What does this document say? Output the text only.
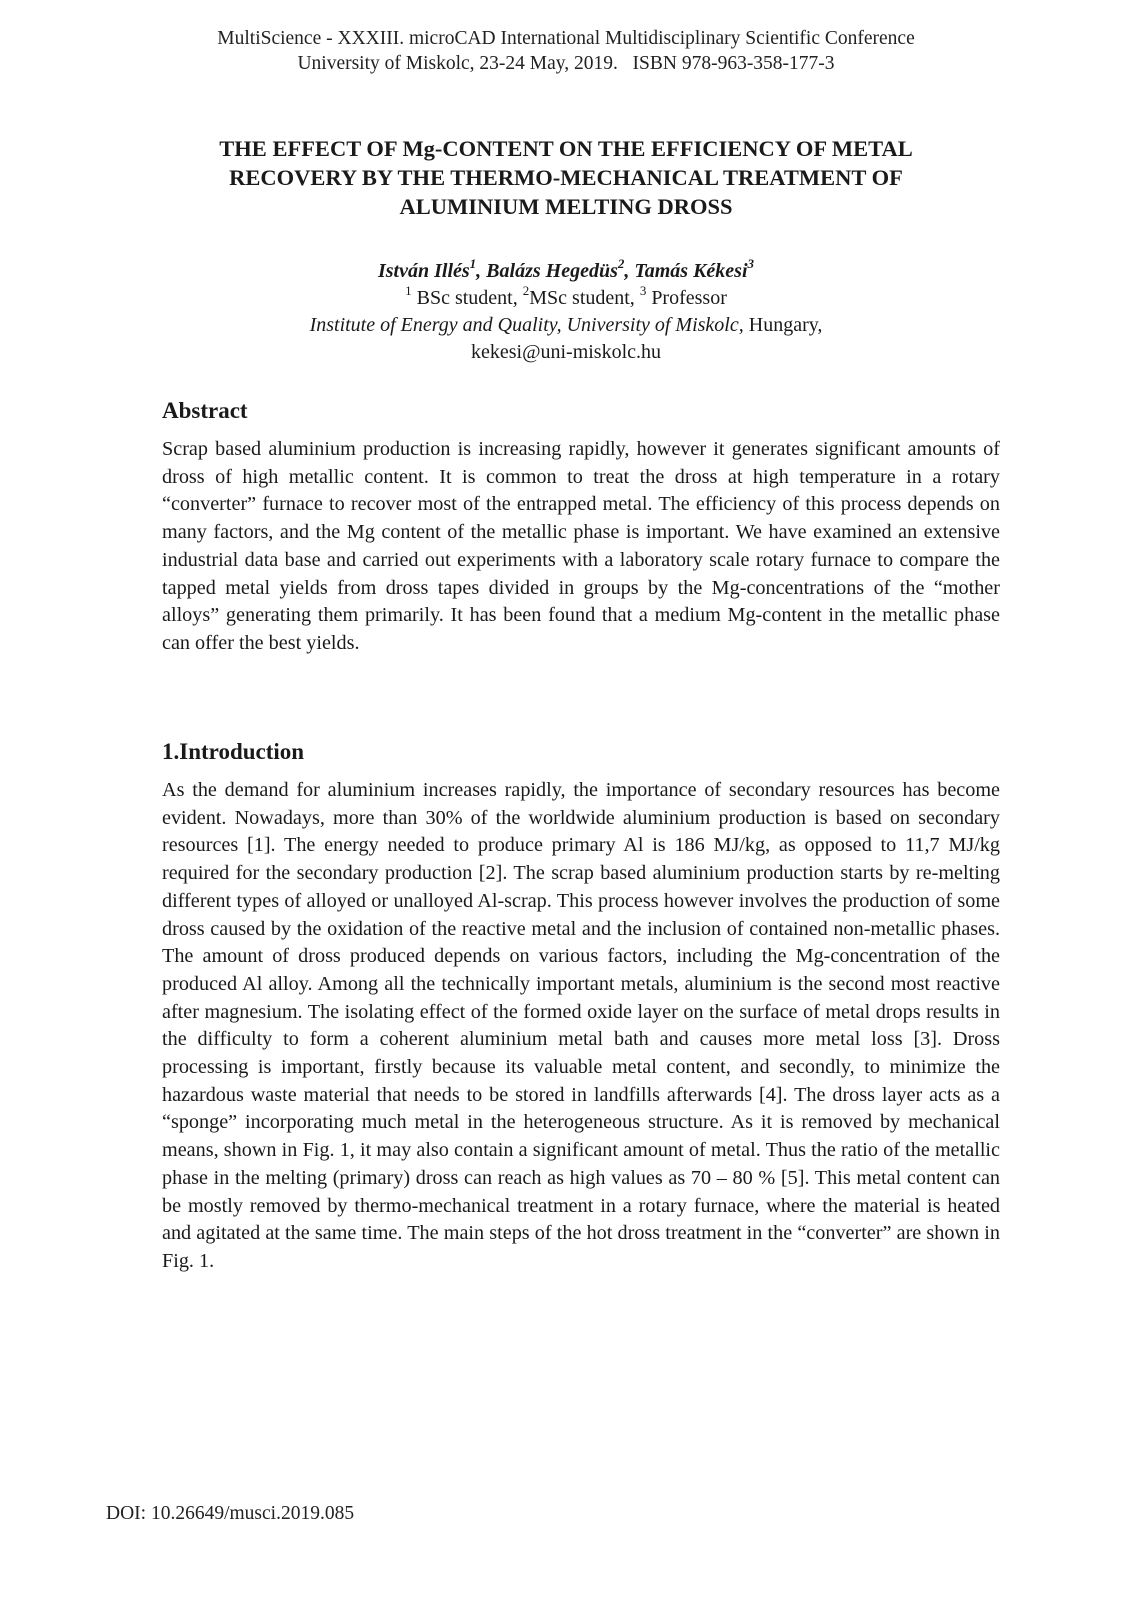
MultiScience - XXXIII. microCAD International Multidisciplinary Scientific Conference
University of Miskolc, 23-24 May, 2019.   ISBN 978-963-358-177-3
THE EFFECT OF Mg-CONTENT ON THE EFFICIENCY OF METAL
RECOVERY BY THE THERMO-MECHANICAL TREATMENT OF
ALUMINIUM MELTING DROSS
István Illés$^1$, Balázs Hegedüs$^2$, Tamás Kékesi$^3$
$^1$ BSc student, $^2$MSc student, $^3$ Professor
Institute of Energy and Quality, University of Miskolc, Hungary,
kekesi@uni-miskolc.hu
Abstract

Scrap based aluminium production is increasing rapidly, however it generates significant amounts of dross of high metallic content. It is common to treat the dross at high temperature in a rotary “converter” furnace to recover most of the entrapped metal. The efficiency of this process depends on many factors, and the Mg content of the metallic phase is important. We have examined an extensive industrial data base and carried out experiments with a laboratory scale rotary furnace to compare the tapped metal yields from dross tapes divided in groups by the Mg-concentrations of the “mother alloys” generating them primarily. It has been found that a medium Mg-content in the metallic phase can offer the best yields.

1.Introduction

As the demand for aluminium increases rapidly, the importance of secondary resources has become evident. Nowadays, more than 30% of the worldwide aluminium production is based on secondary resources [1]. The energy needed to produce primary Al is 186 MJ/kg, as opposed to 11,7 MJ/kg required for the secondary production [2]. The scrap based aluminium production starts by re-melting different types of alloyed or unalloyed Al-scrap. This process however involves the production of some dross caused by the oxidation of the reactive metal and the inclusion of contained non-metallic phases. The amount of dross produced depends on various factors, including the Mg-concentration of the produced Al alloy. Among all the technically important metals, aluminium is the second most reactive after magnesium. The isolating effect of the formed oxide layer on the surface of metal drops results in the difficulty to form a coherent aluminium metal bath and causes more metal loss [3]. Dross processing is important, firstly because its valuable metal content, and secondly, to minimize the hazardous waste material that needs to be stored in landfills afterwards [4]. The dross layer acts as a “sponge” incorporating much metal in the heterogeneous structure. As it is removed by mechanical means, shown in Fig. 1, it may also contain a significant amount of metal. Thus the ratio of the metallic phase in the melting (primary) dross can reach as high values as 70 – 80 % [5]. This metal content can be mostly removed by thermo-mechanical treatment in a rotary furnace, where the material is heated and agitated at the same time. The main steps of the hot dross treatment in the “converter” are shown in Fig. 1.

DOI: 10.26649/musci.2019.085
